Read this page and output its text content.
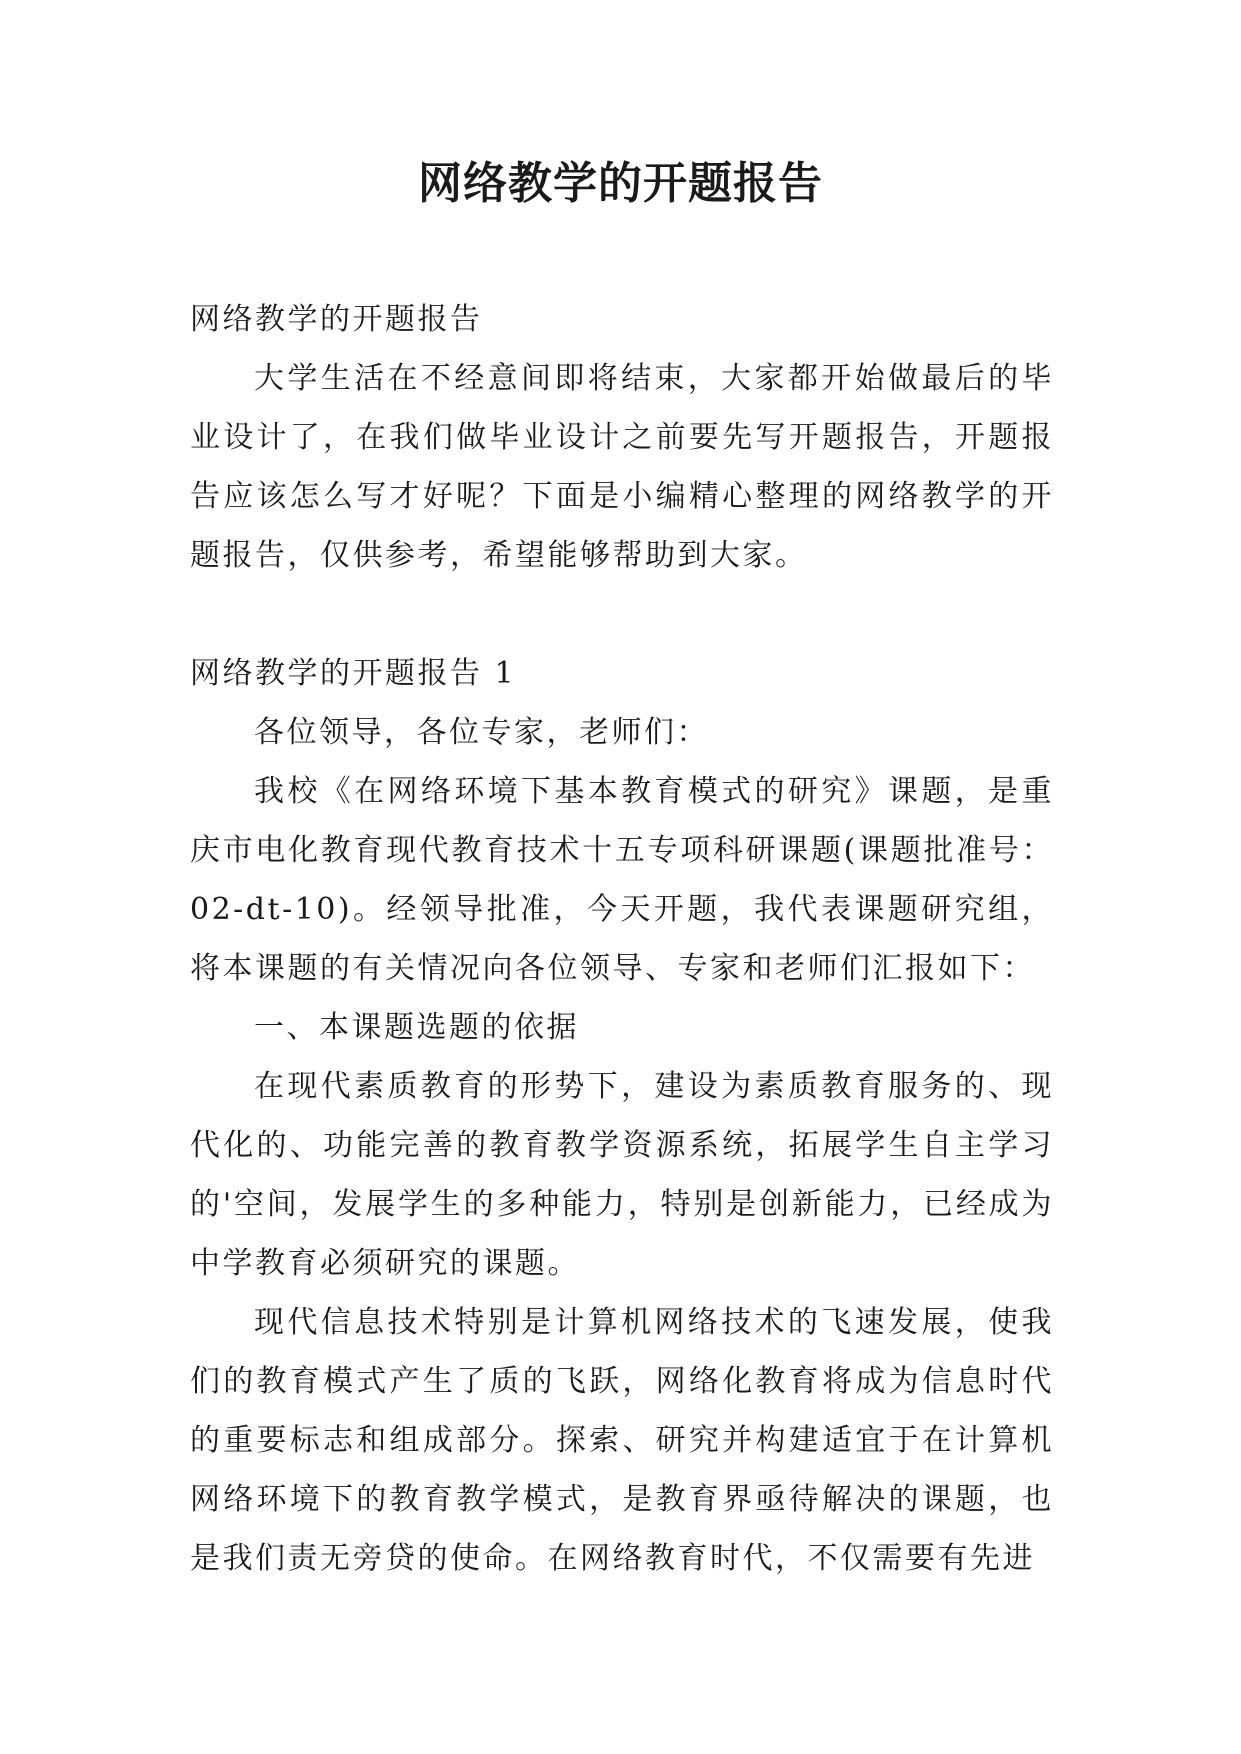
网络教学的开题报告

网络教学的开题报告

大学生活在不经意间即将结束，大家都开始做最后的毕业设计了，在我们做毕业设计之前要先写开题报告，开题报告应该怎么写才好呢？下面是小编精心整理的网络教学的开题报告，仅供参考，希望能够帮助到大家。

网络教学的开题报告 1

各位领导，各位专家，老师们：

我校《在网络环境下基本教育模式的研究》课题，是重庆市电化教育现代教育技术十五专项科研课题(课题批准号：02-dt-10)。经领导批准，今天开题，我代表课题研究组，将本课题的有关情况向各位领导、专家和老师们汇报如下：

一、本课题选题的依据

在现代素质教育的形势下，建设为素质教育服务的、现代化的、功能完善的教育教学资源系统，拓展学生自主学习的'空间，发展学生的多种能力，特别是创新能力，已经成为中学教育必须研究的课题。

现代信息技术特别是计算机网络技术的飞速发展，使我们的教育模式产生了质的飞跃，网络化教育将成为信息时代的重要标志和组成部分。探索、研究并构建适宜于在计算机网络环境下的教育教学模式，是教育界亟待解决的课题，也是我们责无旁贷的使命。在网络教育时代，不仅需要有先进
